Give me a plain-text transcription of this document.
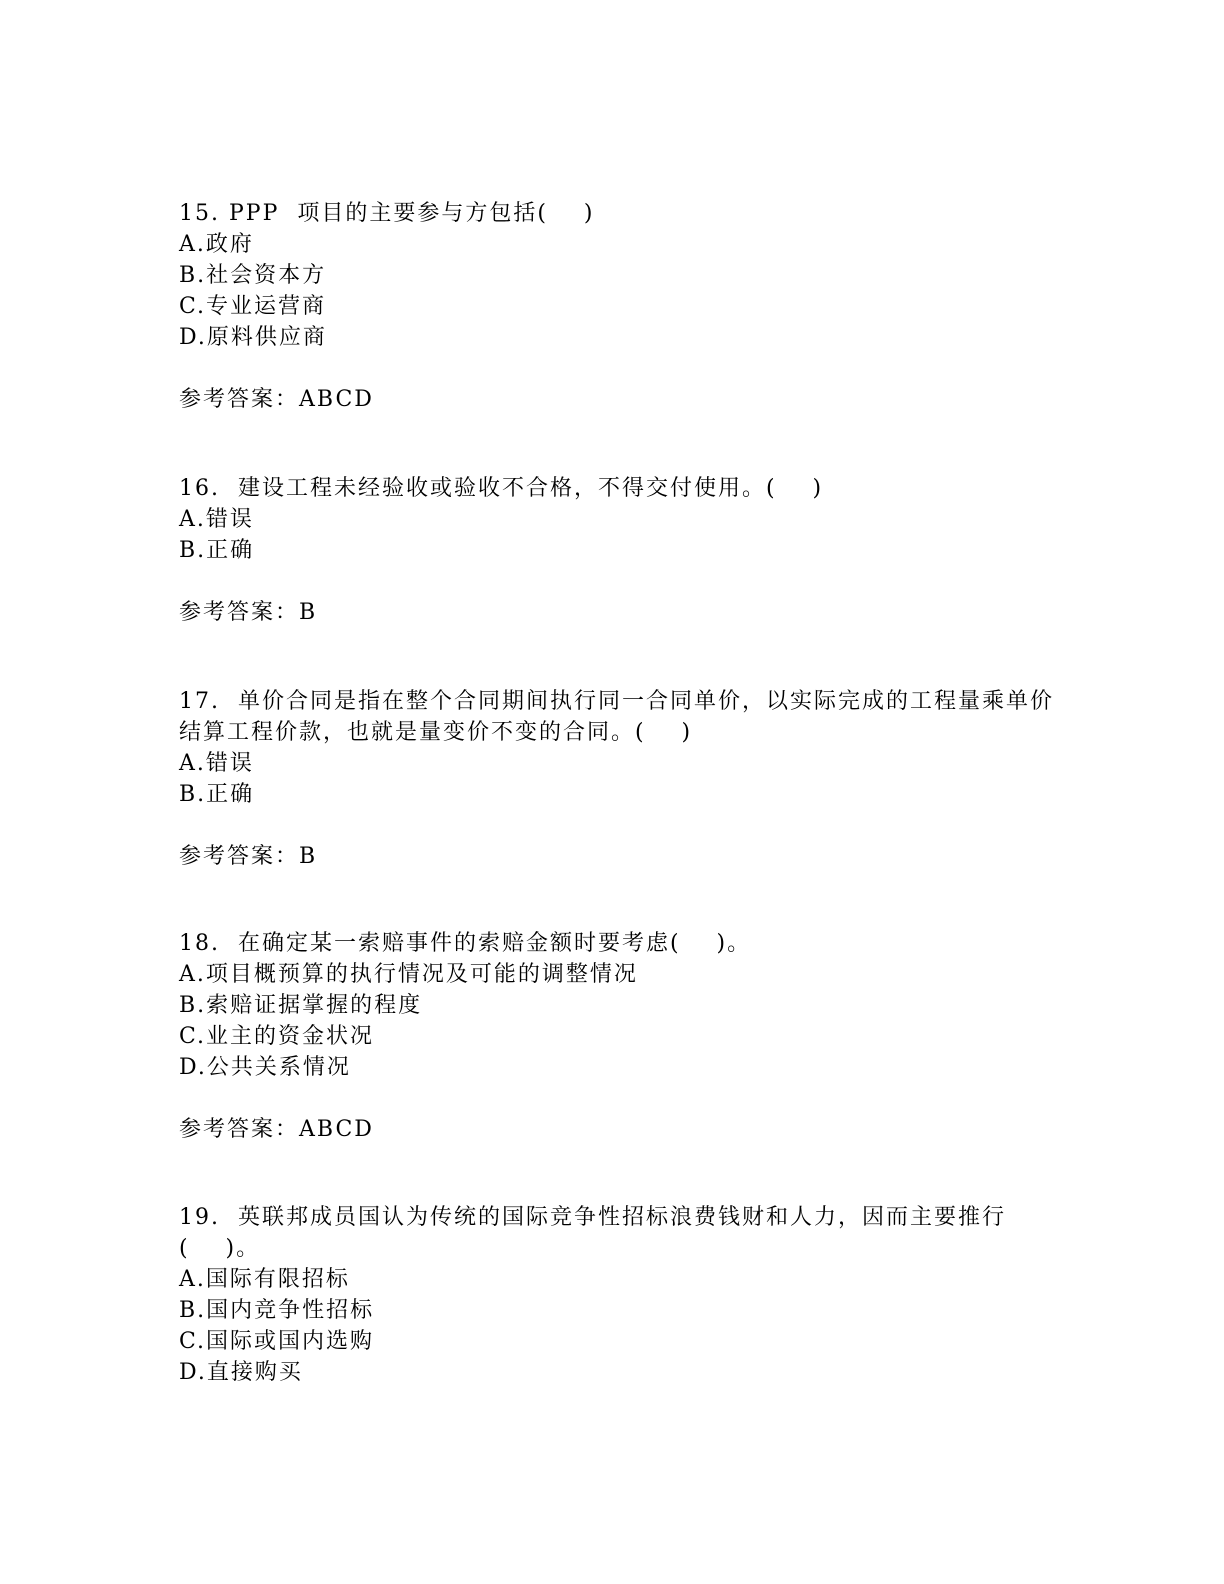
15. PPP  项目的主要参与方包括(    )
A.政府
B.社会资本方
C.专业运营商
D.原料供应商
参考答案：ABCD
16.  建设工程未经验收或验收不合格，不得交付使用。(    )
A.错误
B.正确
参考答案：B
17.  单价合同是指在整个合同期间执行同一合同单价，以实际完成的工程量乘单价
结算工程价款，也就是量变价不变的合同。(    )
A.错误
B.正确
参考答案：B
18.  在确定某一索赔事件的索赔金额时要考虑(    )。
A.项目概预算的执行情况及可能的调整情况
B.索赔证据掌握的程度
C.业主的资金状况
D.公共关系情况
参考答案：ABCD
19.  英联邦成员国认为传统的国际竞争性招标浪费钱财和人力，因而主要推行
(    )。
A.国际有限招标
B.国内竞争性招标
C.国际或国内选购
D.直接购买
